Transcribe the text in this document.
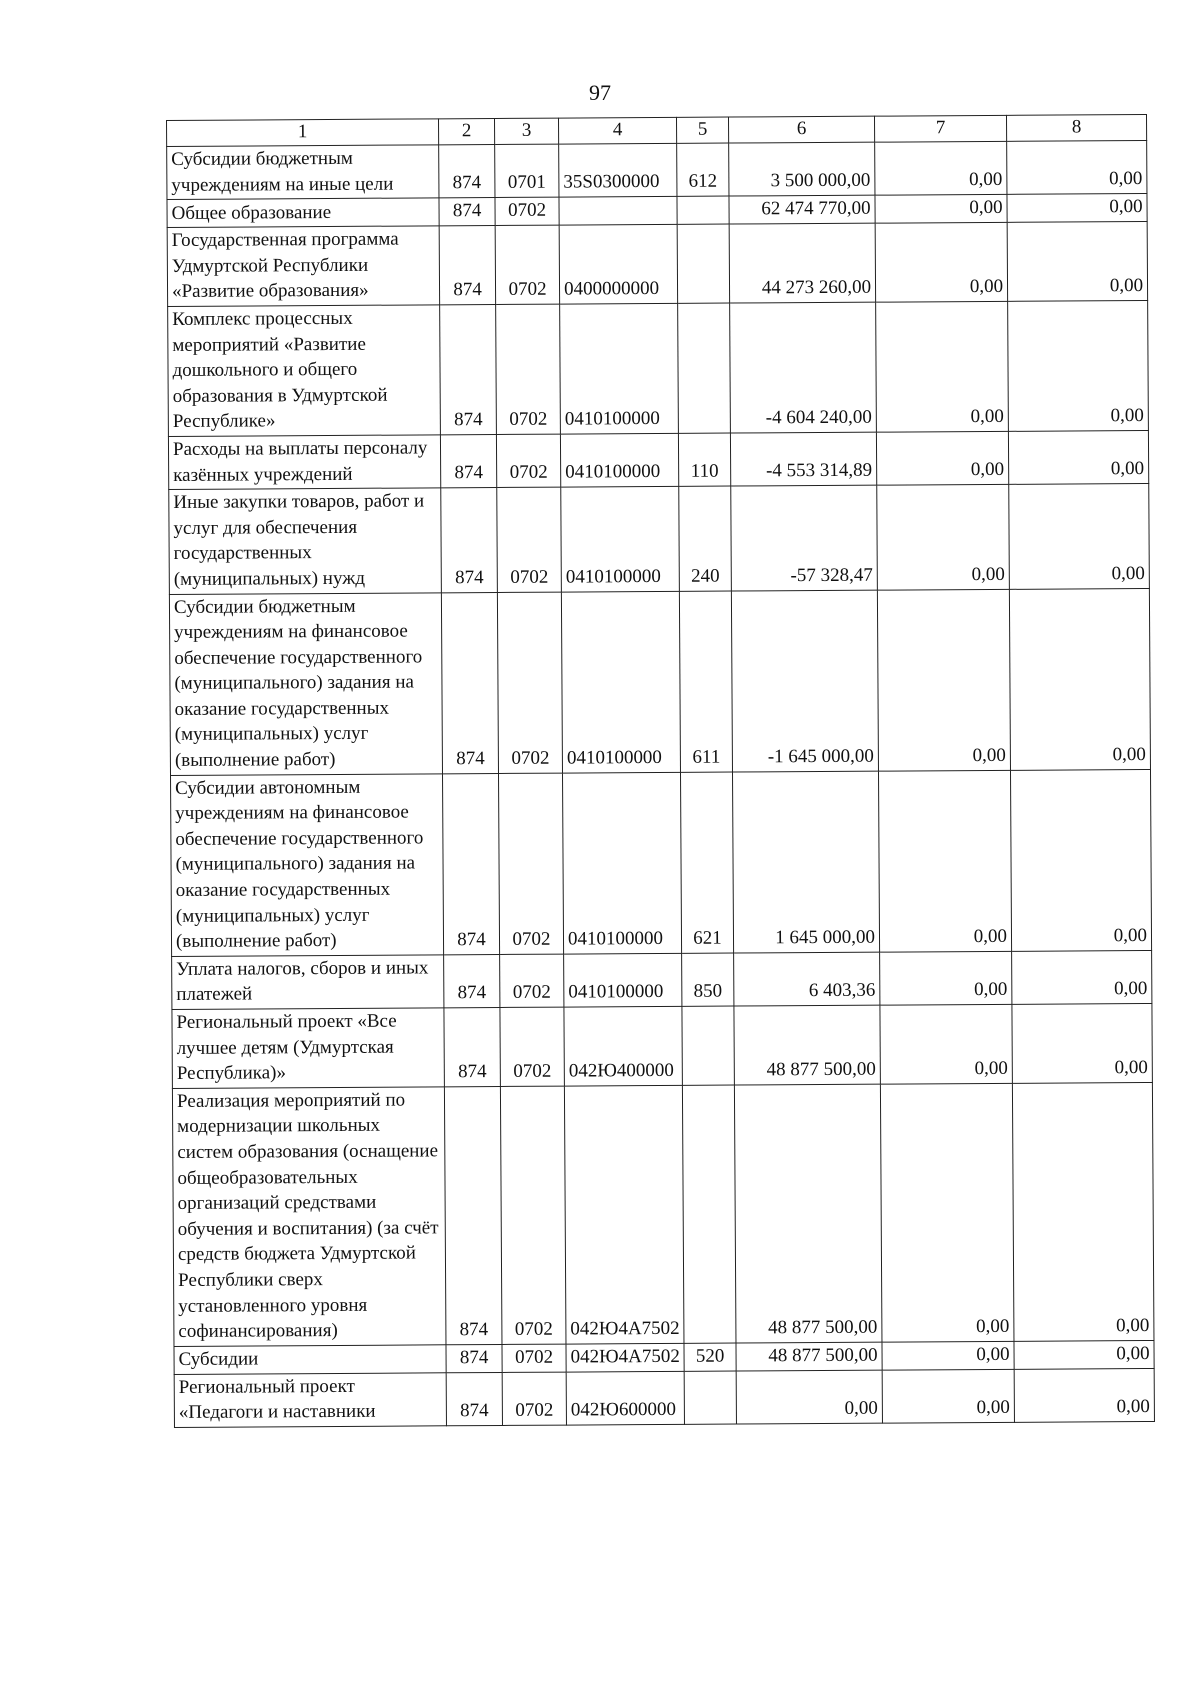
97
1	2	3	4	5	6	7	8
Субсидии бюджетным учреждениям на иные цели	874	0701	35S0300000	612	3 500 000,00	0,00	0,00
Общее образование	874	0702			62 474 770,00	0,00	0,00
Государственная программа Удмуртской Республики «Развитие образования»	874	0702	0400000000		44 273 260,00	0,00	0,00
Комплекс процессных мероприятий «Развитие дошкольного и общего образования в Удмуртской Республике»	874	0702	0410100000		-4 604 240,00	0,00	0,00
Расходы на выплаты персоналу казённых учреждений	874	0702	0410100000	110	-4 553 314,89	0,00	0,00
Иные закупки товаров, работ и услуг для обеспечения государственных (муниципальных) нужд	874	0702	0410100000	240	-57 328,47	0,00	0,00
Субсидии бюджетным учреждениям на финансовое обеспечение государственного (муниципального) задания на оказание государственных (муниципальных) услуг (выполнение работ)	874	0702	0410100000	611	-1 645 000,00	0,00	0,00
Субсидии автономным учреждениям на финансовое обеспечение государственного (муниципального) задания на оказание государственных (муниципальных) услуг (выполнение работ)	874	0702	0410100000	621	1 645 000,00	0,00	0,00
Уплата налогов, сборов и иных платежей	874	0702	0410100000	850	6 403,36	0,00	0,00
Региональный проект «Все лучшее детям (Удмуртская Республика)»	874	0702	042Ю400000		48 877 500,00	0,00	0,00
Реализация мероприятий по модернизации школьных систем образования (оснащение общеобразовательных организаций средствами обучения и воспитания) (за счёт средств бюджета Удмуртской Республики сверх установленного уровня софинансирования)	874	0702	042Ю4А7502		48 877 500,00	0,00	0,00
Субсидии	874	0702	042Ю4А7502	520	48 877 500,00	0,00	0,00
Региональный проект «Педагоги и наставники	874	0702	042Ю600000		0,00	0,00	0,00
